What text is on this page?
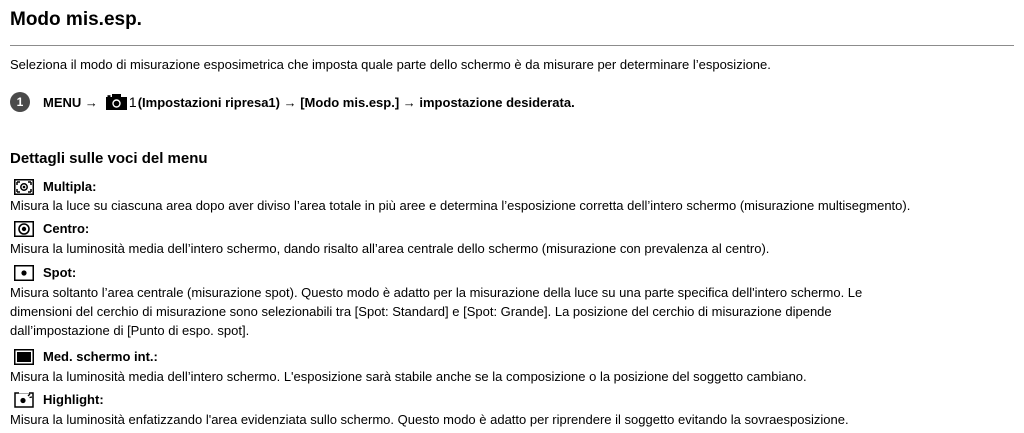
Modo mis.esp.
Seleziona il modo di misurazione esposimetrica che imposta quale parte dello schermo è da misurare per determinare l’esposizione.
1	MENU → 1 (Impostazioni ripresa1) → [Modo mis.esp.] → impostazione desiderata.
Dettagli sulle voci del menu
Multipla:
Misura la luce su ciascuna area dopo aver diviso l’area totale in più aree e determina l’esposizione corretta dell’intero schermo (misurazione multisegmento).
Centro:
Misura la luminosità media dell’intero schermo, dando risalto all’area centrale dello schermo (misurazione con prevalenza al centro).
Spot:
Misura soltanto l’area centrale (misurazione spot). Questo modo è adatto per la misurazione della luce su una parte specifica dell'intero schermo. Le
dimensioni del cerchio di misurazione sono selezionabili tra [Spot: Standard] e [Spot: Grande]. La posizione del cerchio di misurazione dipende
dall’impostazione di [Punto di espo. spot].
Med. schermo int.:
Misura la luminosità media dell’intero schermo. L'esposizione sarà stabile anche se la composizione o la posizione del soggetto cambiano.
Highlight:
Misura la luminosità enfatizzando l'area evidenziata sullo schermo. Questo modo è adatto per riprendere il soggetto evitando la sovraesposizione.
